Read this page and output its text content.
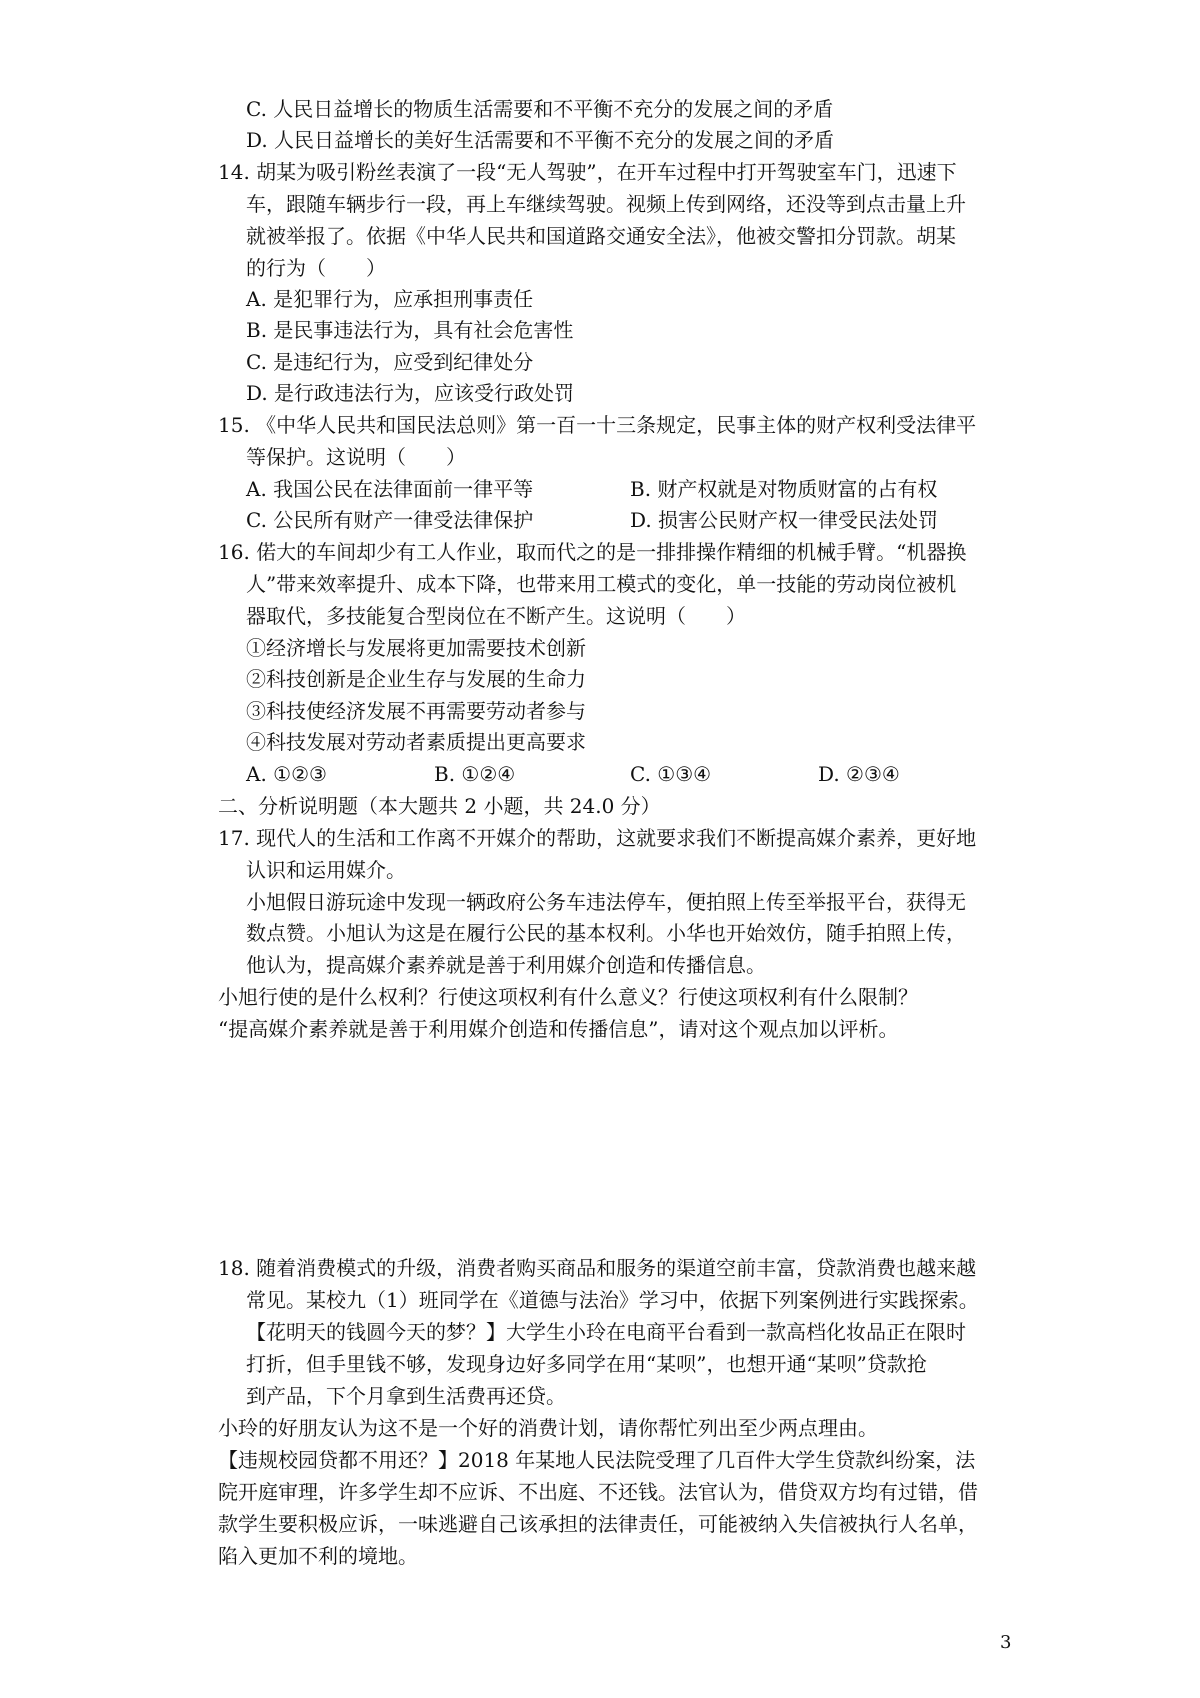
C. 人民日益增长的物质生活需要和不平衡不充分的发展之间的矛盾
D. 人民日益增长的美好生活需要和不平衡不充分的发展之间的矛盾
14. 胡某为吸引粉丝表演了一段“无人驾驶”，在开车过程中打开驾驶室车门，迅速下
车，跟随车辆步行一段，再上车继续驾驶。视频上传到网络，还没等到点击量上升
就被举报了。依据《中华人民共和国道路交通安全法》，他被交警扣分罚款。胡某
的行为（　　）
A. 是犯罪行为，应承担刑事责任
B. 是民事违法行为，具有社会危害性
C. 是违纪行为，应受到纪律处分
D. 是行政违法行为，应该受行政处罚
15. 《中华人民共和国民法总则》第一百一十三条规定，民事主体的财产权利受法律平
等保护。这说明（　　）
A. 我国公民在法律面前一律平等	B. 财产权就是对物质财富的占有权
C. 公民所有财产一律受法律保护	D. 损害公民财产权一律受民法处罚
16. 偌大的车间却少有工人作业，取而代之的是一排排操作精细的机械手臂。“机器换
人”带来效率提升、成本下降，也带来用工模式的变化，单一技能的劳动岗位被机
器取代，多技能复合型岗位在不断产生。这说明（　　）
①经济增长与发展将更加需要技术创新
②科技创新是企业生存与发展的生命力
③科技使经济发展不再需要劳动者参与
④科技发展对劳动者素质提出更高要求
A. ①②③	B. ①②④	C. ①③④	D. ②③④
二、分析说明题（本大题共 2 小题，共 24.0 分）
17. 现代人的生活和工作离不开媒介的帮助，这就要求我们不断提高媒介素养，更好地
认识和运用媒介。
小旭假日游玩途中发现一辆政府公务车违法停车，便拍照上传至举报平台，获得无
数点赞。小旭认为这是在履行公民的基本权利。小华也开始效仿，随手拍照上传，
他认为，提高媒介素养就是善于利用媒介创造和传播信息。
小旭行使的是什么权利？行使这项权利有什么意义？行使这项权利有什么限制？
“提高媒介素养就是善于利用媒介创造和传播信息”，请对这个观点加以评析。
18. 随着消费模式的升级，消费者购买商品和服务的渠道空前丰富，贷款消费也越来越
常见。某校九（1）班同学在《道德与法治》学习中，依据下列案例进行实践探索。
【花明天的钱圆今天的梦？】大学生小玲在电商平台看到一款高档化妆品正在限时
打折，但手里钱不够，发现身边好多同学在用“某呗”，也想开通“某呗”贷款抢
到产品，下个月拿到生活费再还贷。
小玲的好朋友认为这不是一个好的消费计划，请你帮忙列出至少两点理由。
【违规校园贷都不用还？】2018 年某地人民法院受理了几百件大学生贷款纠纷案，法
院开庭审理，许多学生却不应诉、不出庭、不还钱。法官认为，借贷双方均有过错，借
款学生要积极应诉，一味逃避自己该承担的法律责任，可能被纳入失信被执行人名单，
陷入更加不利的境地。
3
